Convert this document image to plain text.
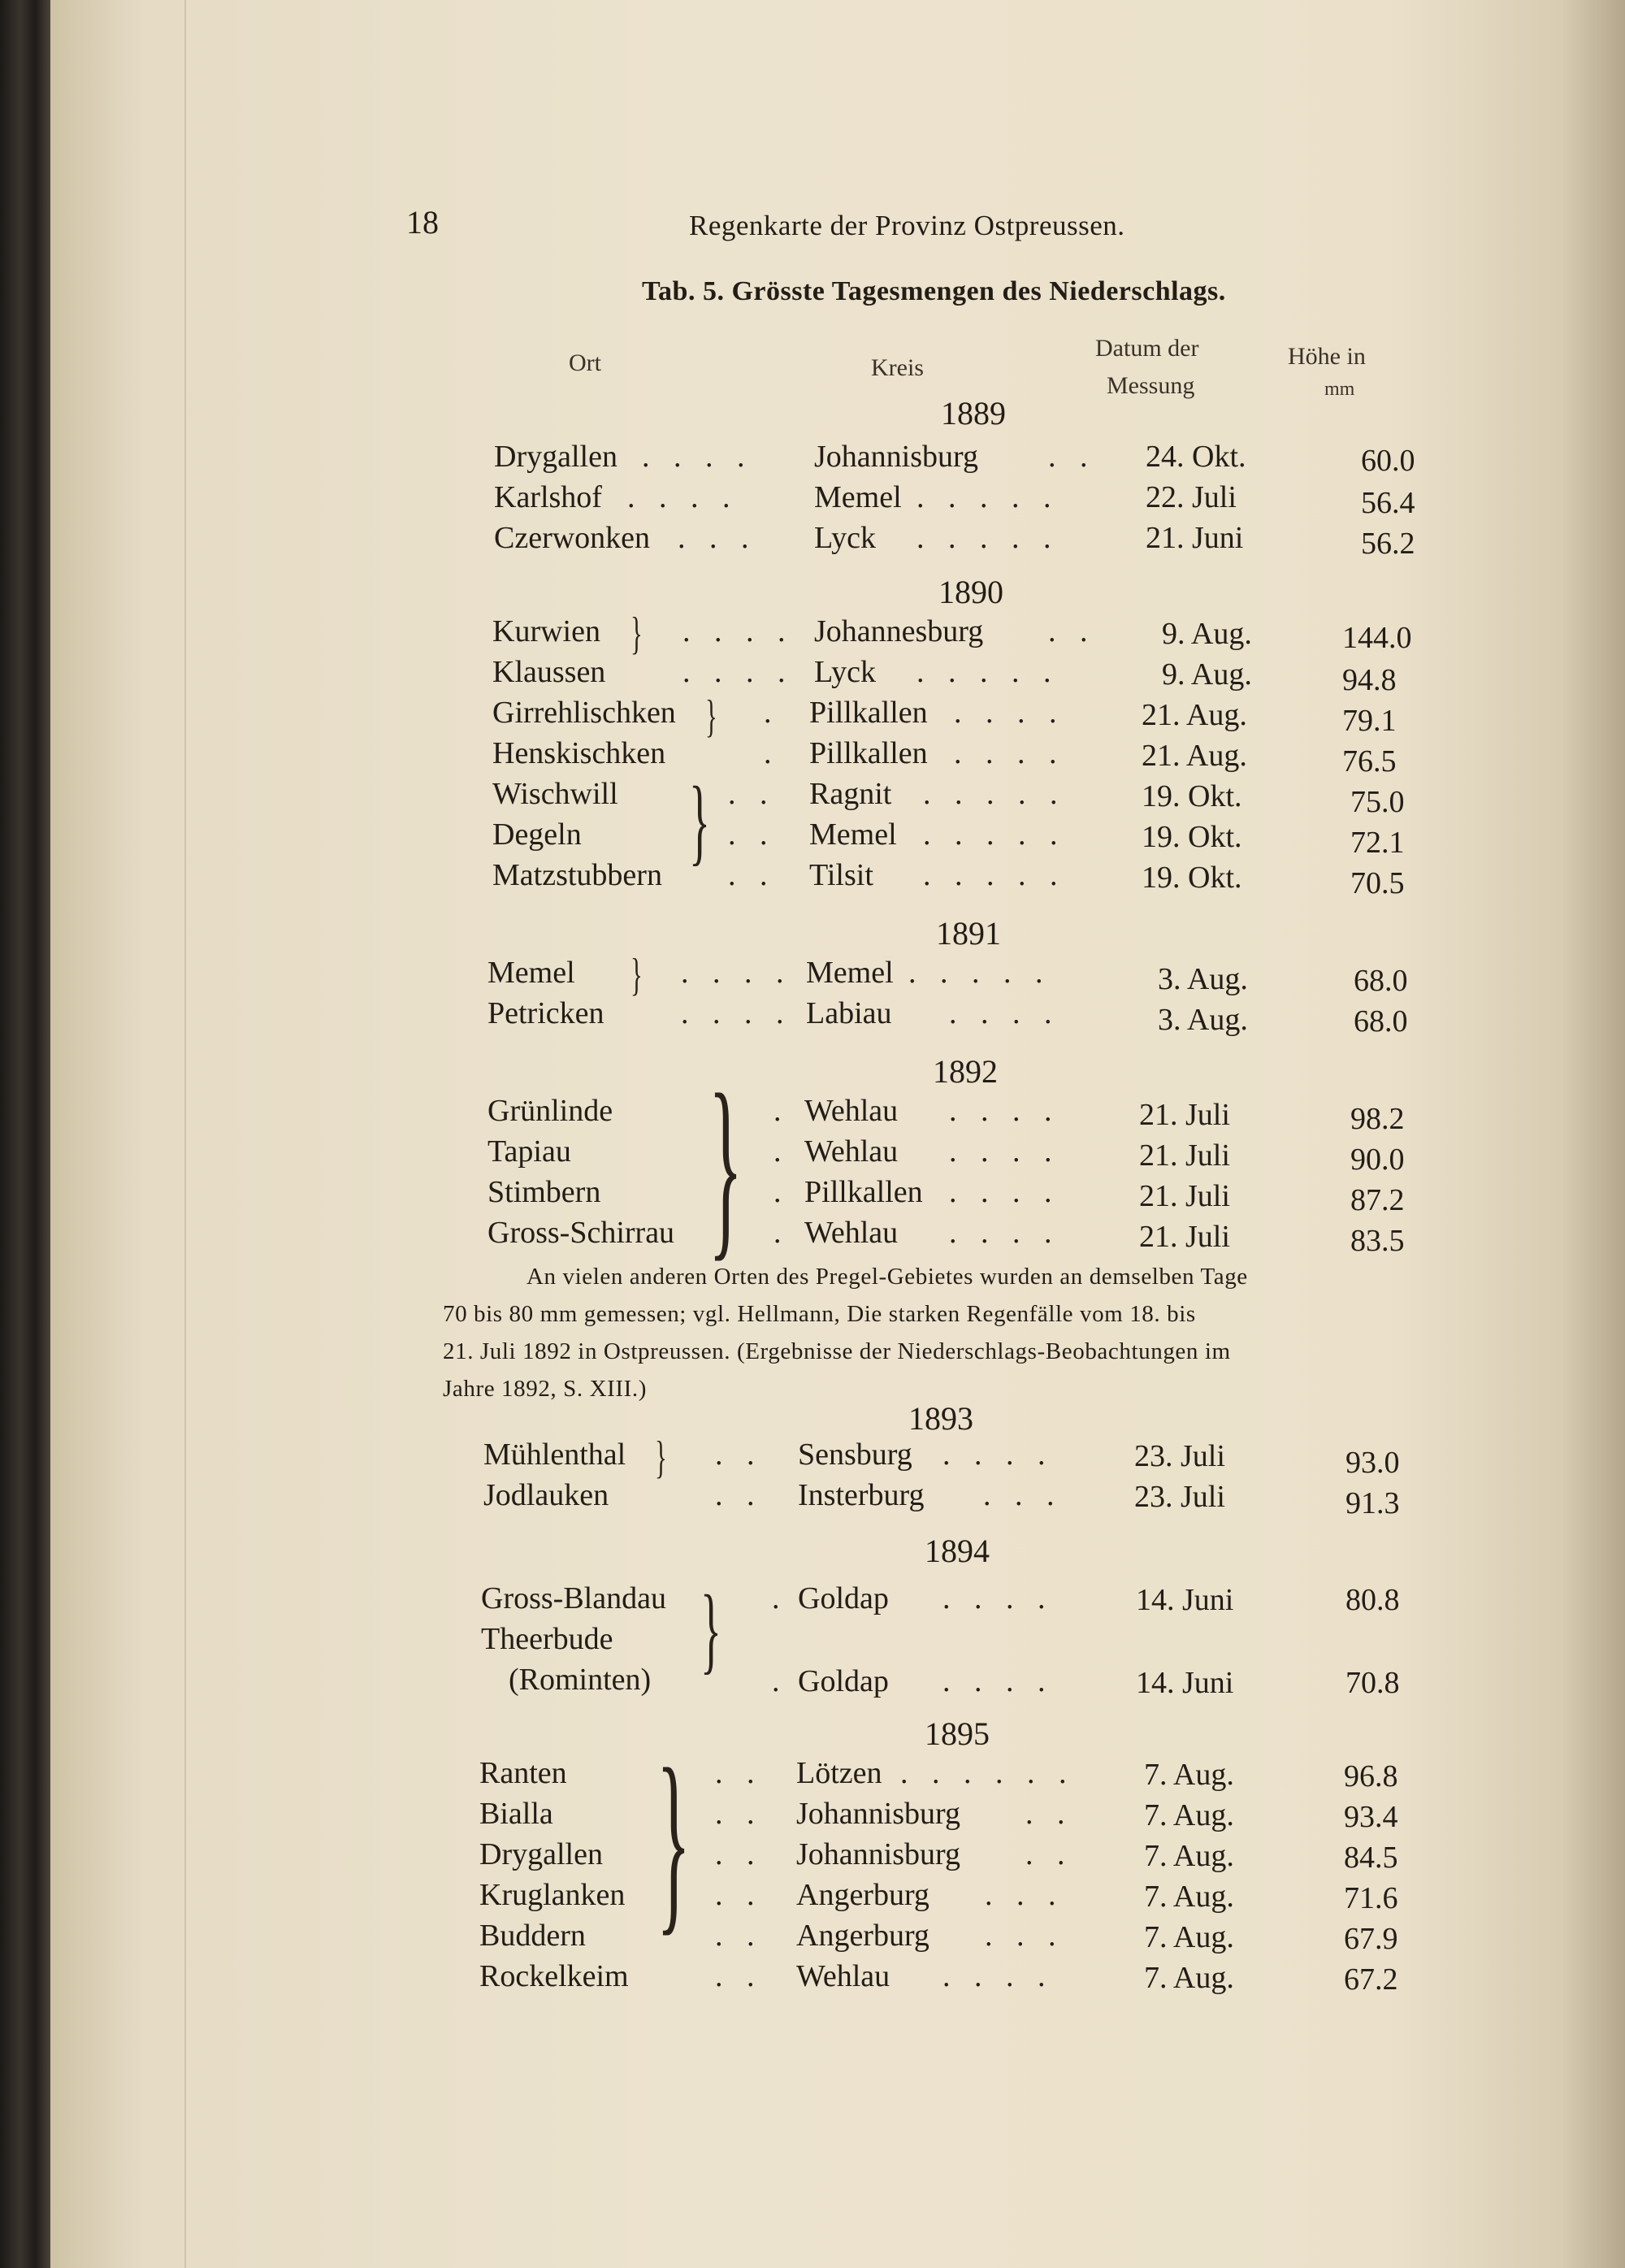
18	Regenkarte der Provinz Ostpreussen.
Tab. 5. Grösste Tagesmengen des Niederschlags.
Ort	Kreis
Datum der
Messung
Höhe in
mm
1889
Drygallen . . . . Johannisburg . . 24. Okt.	60.0
Karlshof . . . . Memel . . . . .	22. Juli	56.4
Czerwonken . . . Lyck . . . . .	21. Juni	56.2
1890
Kurwien } . . . . Johannesburg . . 9. Aug.	144.0
Klaussen . . . . Lyck . . . . .	9. Aug.	94.8
Girrehlischken } . Pillkallen . . . . 21. Aug.	79.1
Henskischken	. Pillkallen . . . . 21. Aug.	76.5
Wischwill } . . Ragnit . . . . . 19. Okt.	75.0
Degeln	. . Memel . . . . . 19. Okt.	72.1
Matzstubbern . . Tilsit . . . . . 19. Okt.	70.5
1891
Memel } . . . . Memel . . . . .	3. Aug.	68.0
Petricken . . . . Labiau . . . .	3. Aug.	68.0
1892
Grünlinde } . Wehlau . . . .	21. Juli	98.2
Tapiau	. Wehlau . . . .	21. Juli	90.0
Stimbern	. Pillkallen . . . .	21. Juli	87.2
Gross-Schirrau	. Wehlau . . . .	21. Juli	83.5
An vielen anderen Orten des Pregel-Gebietes wurden an demselben Tage
70 bis 80 mm gemessen; vgl. Hellmann, Die starken Regenfälle vom 18. bis
21. Juli 1892 in Ostpreussen. (Ergebnisse der Niederschlags-Beobachtungen im
Jahre 1892, S. XIII.)
1893
Mühlenthal } . . Sensburg . . . .	23. Juli	93.0
Jodlauken	. . Insterburg . . . 23. Juli	91.3
1894
Gross-Blandau } . Goldap . . . .	14. Juni	80.8
Theerbude
(Rominten)	. Goldap . . . .	14. Juni	70.8
1895
Ranten } . . Lötzen . . . . . . 7. Aug.	96.8
Bialla	. . Johannisburg . . 7. Aug.	93.4
Drygallen	. . Johannisburg . . 7. Aug.	84.5
Kruglanken	. . Angerburg . . .	7. Aug.	71.6
Buddern	. . Angerburg . . .	7. Aug.	67.9
Rockelkeim	. . Wehlau . . . .	7. Aug.	67.2
